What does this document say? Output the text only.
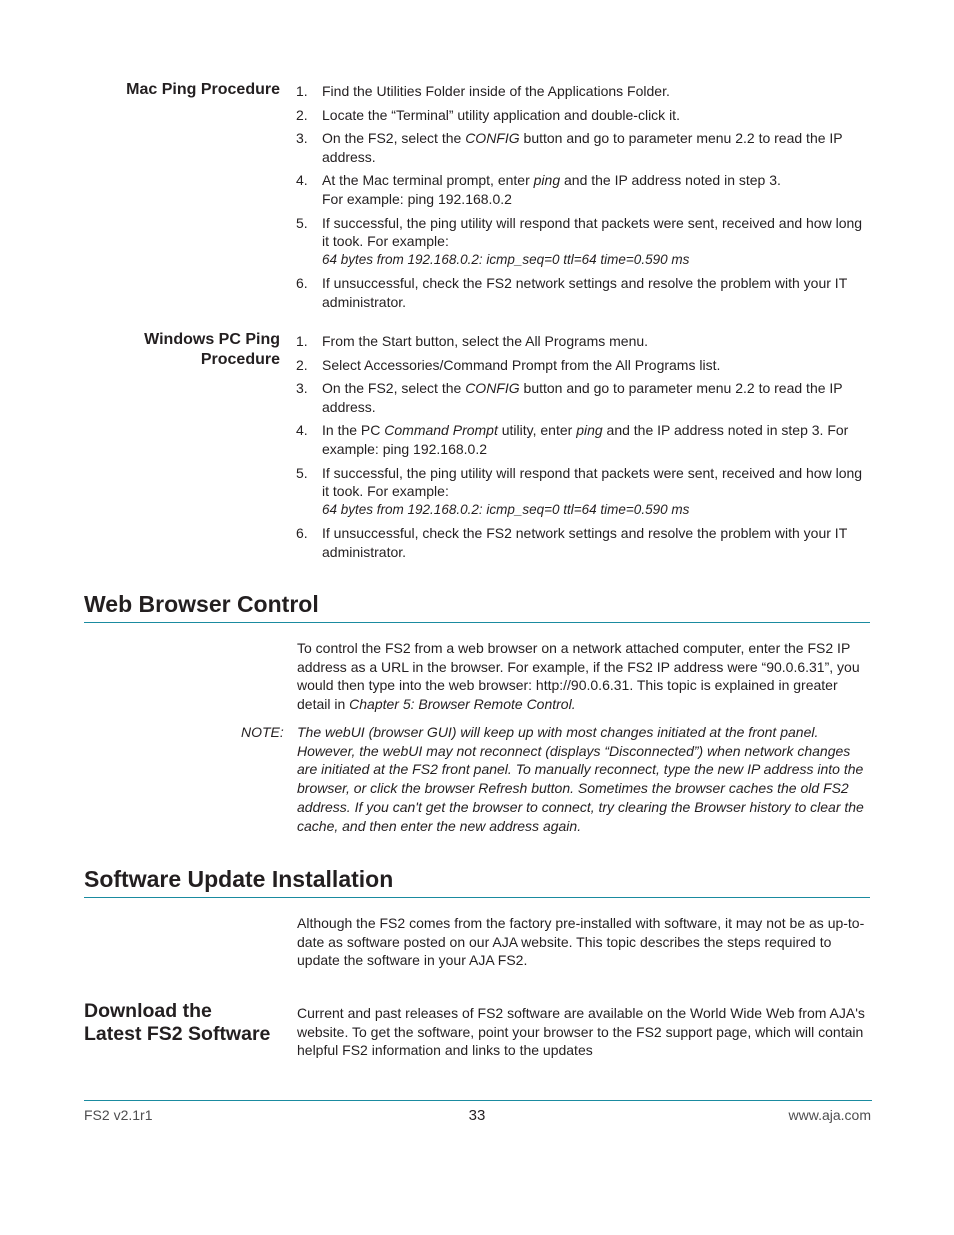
Mac Ping Procedure 1. Find the Utilities Folder inside of the Applications Folder.
2. Locate the “Terminal” utility application and double-click it.
3. On the FS2, select the CONFIG button and go to parameter menu 2.2 to read the IP address.
4. At the Mac terminal prompt, enter ping and the IP address noted in step 3.
For example: ping 192.168.0.2
5. If successful, the ping utility will respond that packets were sent, received and how long it took. For example:
64 bytes from 192.168.0.2: icmp_seq=0 ttl=64 time=0.590 ms
6. If unsuccessful, check the FS2 network settings and resolve the problem with your IT administrator.
Windows PC Ping
Procedure
1. From the Start button, select the All Programs menu.
2. Select Accessories/Command Prompt from the All Programs list.
3. On the FS2, select the CONFIG button and go to parameter menu 2.2 to read the IP address.
4. In the PC Command Prompt utility, enter ping and the IP address noted in step 3. For example: ping 192.168.0.2
5. If successful, the ping utility will respond that packets were sent, received and how long it took. For example:
64 bytes from 192.168.0.2: icmp_seq=0 ttl=64 time=0.590 ms
6. If unsuccessful, check the FS2 network settings and resolve the problem with your IT administrator.
Web Browser Control

To control the FS2 from a web browser on a network attached computer, enter the FS2 IP address as a URL in the browser. For example, if the FS2 IP address were “90.0.6.31”, you would then type into the web browser: http://90.0.6.31. This topic is explained in greater detail in Chapter 5: Browser Remote Control.

NOTE: The webUI (browser GUI) will keep up with most changes initiated at the front panel. However, the webUI may not reconnect (displays “Disconnected”) when network changes are initiated at the FS2 front panel. To manually reconnect, type the new IP address into the browser, or click the browser Refresh button. Sometimes the browser caches the old FS2 address. If you can't get the browser to connect, try clearing the Browser history to clear the cache, and then enter the new address again.

Software Update Installation

Although the FS2 comes from the factory pre-installed with software, it may not be as up-to-date as software posted on our AJA website. This topic describes the steps required to update the software in your AJA FS2.

Download the
Latest FS2 Software

Current and past releases of FS2 software are available on the World Wide Web from AJA's website. To get the software, point your browser to the FS2 support page, which will contain helpful FS2 information and links to the updates

FS2 v2.1r1	33	www.aja.com
